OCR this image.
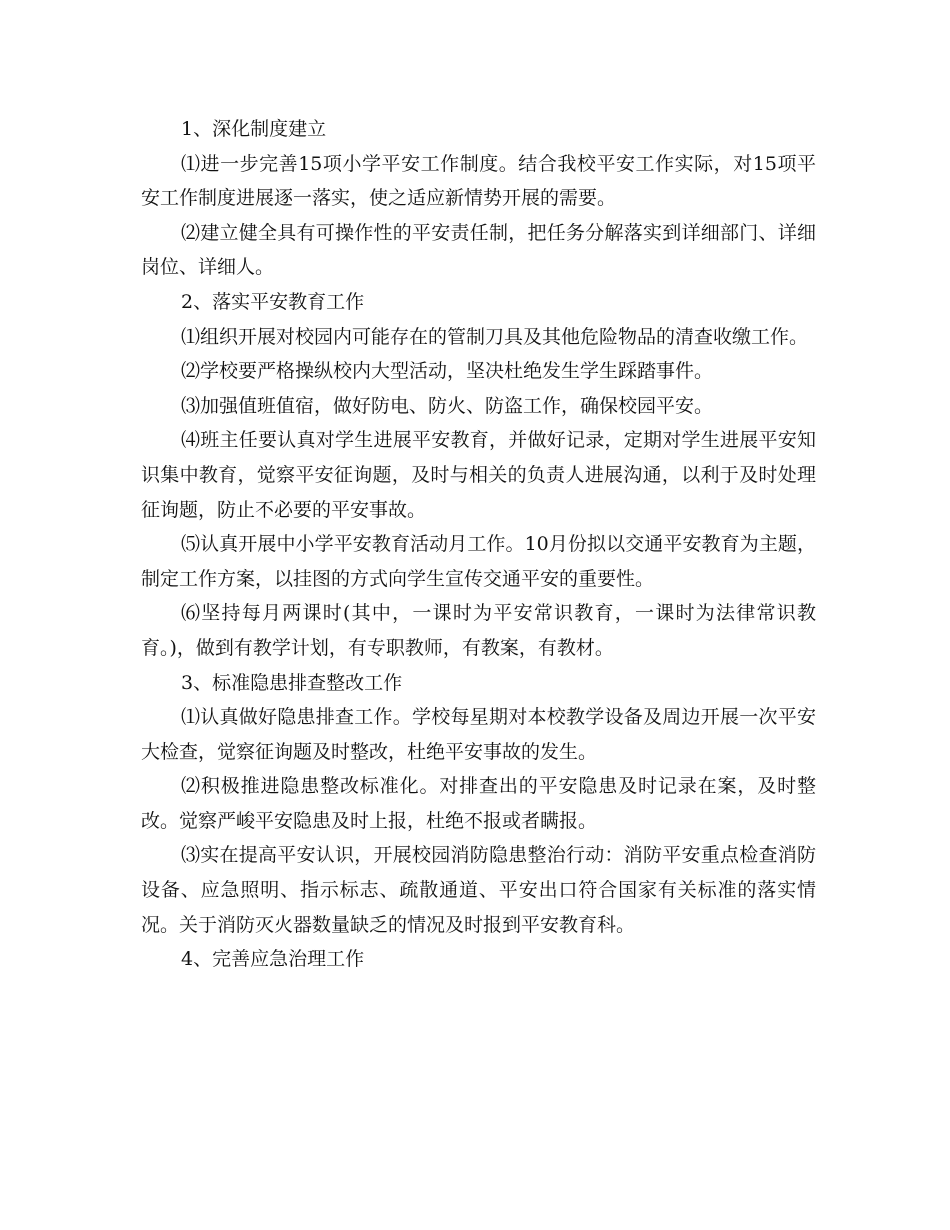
1、深化制度建立

⑴进一步完善15项小学平安工作制度。结合我校平安工作实际，对15项平安工作制度进展逐一落实，使之适应新情势开展的需要。

⑵建立健全具有可操作性的平安责任制，把任务分解落实到详细部门、详细岗位、详细人。

2、落实平安教育工作

⑴组织开展对校园内可能存在的管制刀具及其他危险物品的清查收缴工作。

⑵学校要严格操纵校内大型活动，坚决杜绝发生学生踩踏事件。

⑶加强值班值宿，做好防电、防火、防盗工作，确保校园平安。

⑷班主任要认真对学生进展平安教育，并做好记录，定期对学生进展平安知识集中教育，觉察平安征询题，及时与相关的负责人进展沟通，以利于及时处理征询题，防止不必要的平安事故。

⑸认真开展中小学平安教育活动月工作。10月份拟以交通平安教育为主题，制定工作方案，以挂图的方式向学生宣传交通平安的重要性。

⑹坚持每月两课时(其中，一课时为平安常识教育，一课时为法律常识教育。)，做到有教学计划，有专职教师，有教案，有教材。

3、标准隐患排查整改工作

⑴认真做好隐患排查工作。学校每星期对本校教学设备及周边开展一次平安大检查，觉察征询题及时整改，杜绝平安事故的发生。

⑵积极推进隐患整改标准化。对排查出的平安隐患及时记录在案，及时整改。觉察严峻平安隐患及时上报，杜绝不报或者瞒报。

⑶实在提高平安认识，开展校园消防隐患整治行动：消防平安重点检查消防设备、应急照明、指示标志、疏散通道、平安出口符合国家有关标准的落实情况。关于消防灭火器数量缺乏的情况及时报到平安教育科。

4、完善应急治理工作
